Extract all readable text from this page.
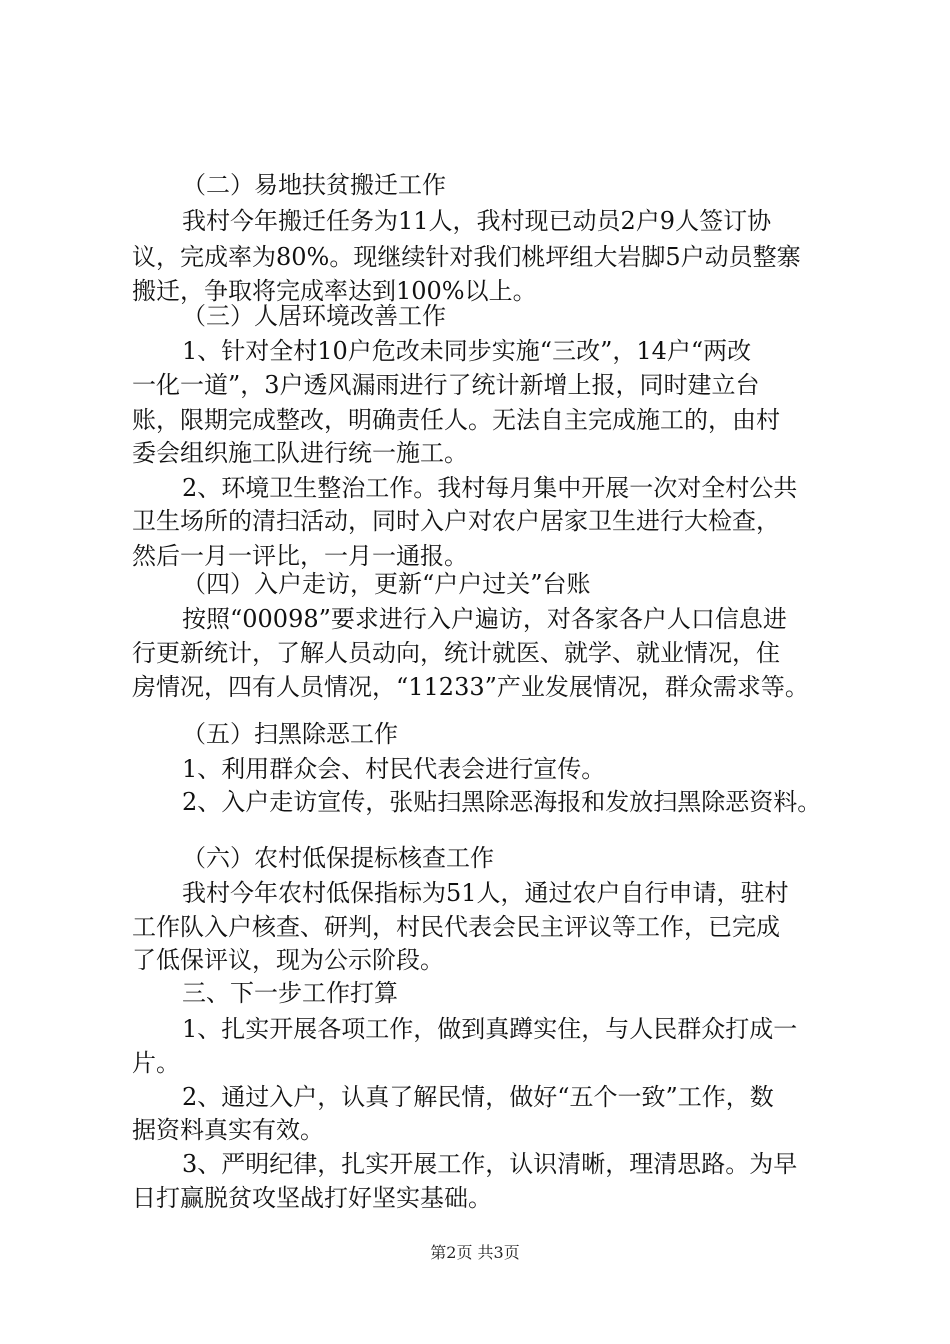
（二）易地扶贫搬迁工作
我村今年搬迁任务为11人，我村现已动员2户9人签订协
议，完成率为80%。现继续针对我们桃坪组大岩脚5户动员整寨
搬迁，争取将完成率达到100%以上。
（三）人居环境改善工作
1、针对全村10户危改未同步实施“三改”，14户“两改
一化一道”，3户透风漏雨进行了统计新增上报，同时建立台
账，限期完成整改，明确责任人。无法自主完成施工的，由村
委会组织施工队进行统一施工。
2、环境卫生整治工作。我村每月集中开展一次对全村公共
卫生场所的清扫活动，同时入户对农户居家卫生进行大检查，
然后一月一评比，一月一通报。
（四）入户走访，更新“户户过关”台账
按照“00098”要求进行入户遍访，对各家各户人口信息进
行更新统计，了解人员动向，统计就医、就学、就业情况，住
房情况，四有人员情况，“11233”产业发展情况，群众需求等。
（五）扫黑除恶工作
1、利用群众会、村民代表会进行宣传。
2、入户走访宣传，张贴扫黑除恶海报和发放扫黑除恶资料。
（六）农村低保提标核查工作
我村今年农村低保指标为51人，通过农户自行申请，驻村
工作队入户核查、研判，村民代表会民主评议等工作，已完成
了低保评议，现为公示阶段。
三、下一步工作打算
1、扎实开展各项工作，做到真蹲实住，与人民群众打成一
片。
2、通过入户，认真了解民情，做好“五个一致”工作，数
据资料真实有效。
3、严明纪律，扎实开展工作，认识清晰，理清思路。为早
日打赢脱贫攻坚战打好坚实基础。
第2页 共3页
